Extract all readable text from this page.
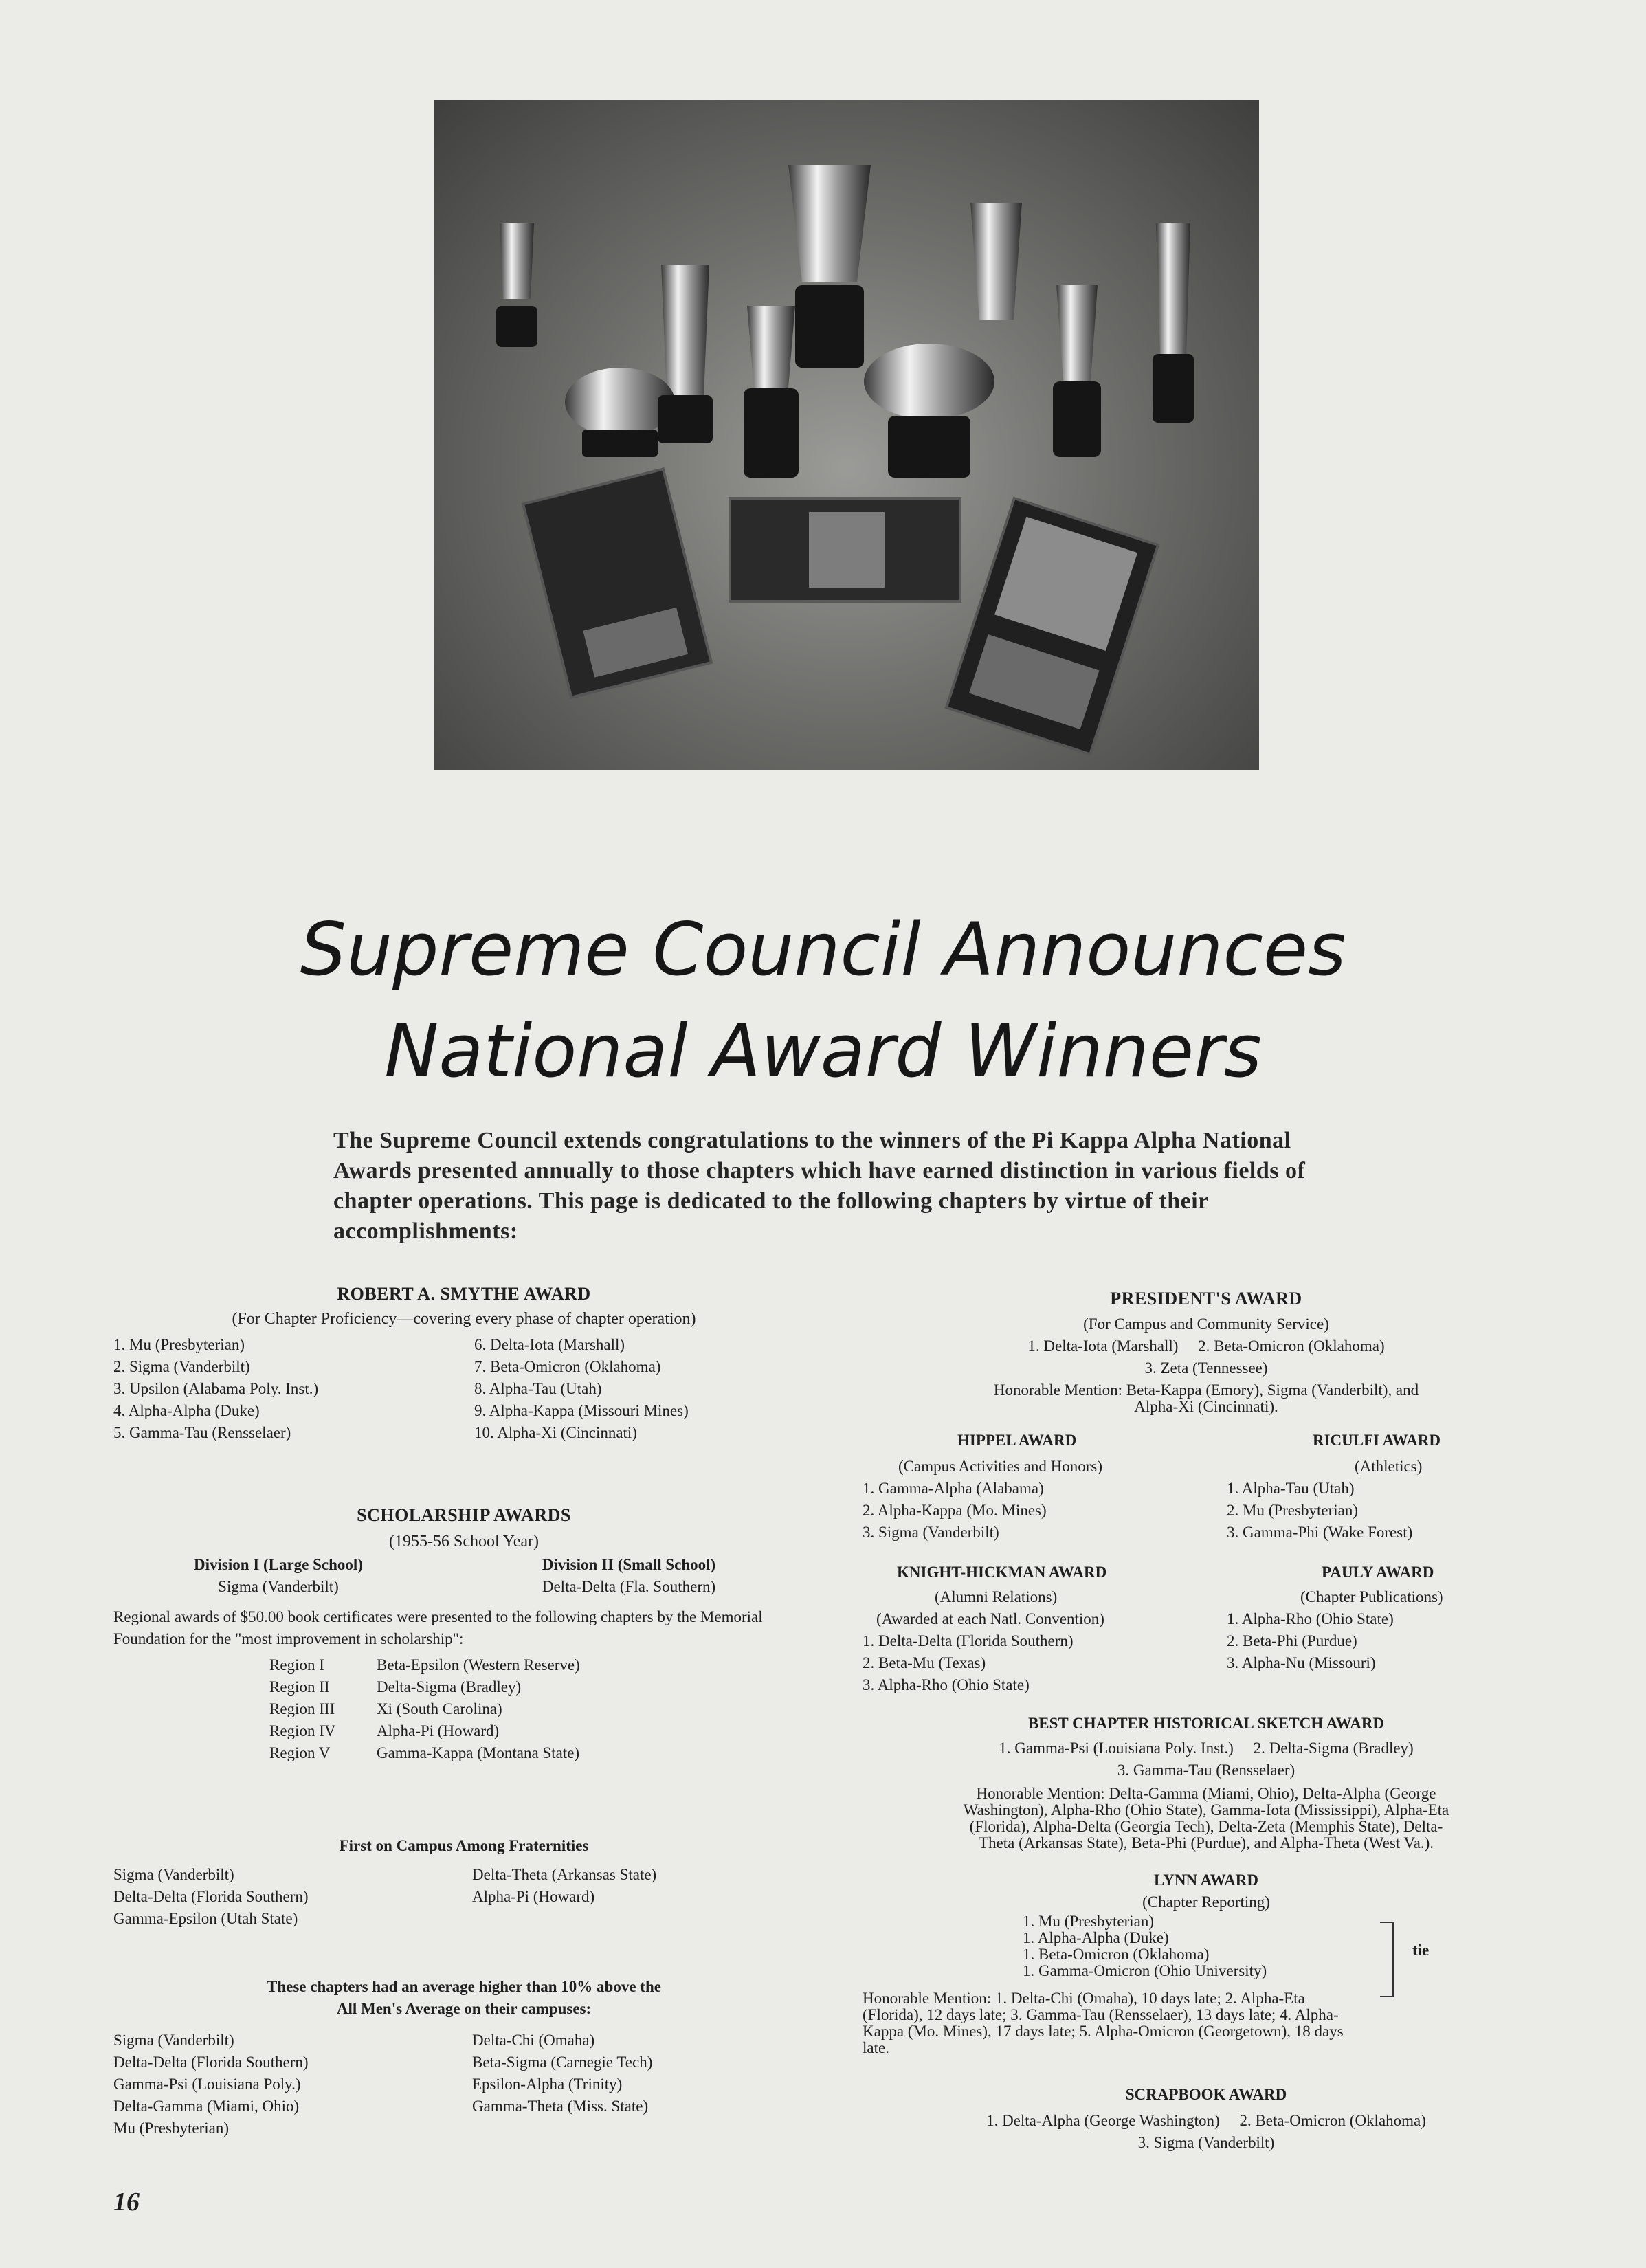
Supreme Council Announces
National Award Winners

The Supreme Council extends congratulations to the winners of the Pi Kappa Alpha National Awards presented annually to those chapters which have earned distinction in various fields of chapter operations. This page is dedicated to the following chapters by virtue of their accomplishments:

ROBERT A. SMYTHE AWARD

(For Chapter Proficiency—covering every phase of chapter operation)

1. Mu (Presbyterian)

2. Sigma (Vanderbilt)

3. Upsilon (Alabama Poly. Inst.)

4. Alpha-Alpha (Duke)

5. Gamma-Tau (Rensselaer)

6. Delta-Iota (Marshall)

7. Beta-Omicron (Oklahoma)

8. Alpha-Tau (Utah)

9. Alpha-Kappa (Missouri Mines)

10. Alpha-Xi (Cincinnati)

SCHOLARSHIP AWARDS

(1955-56 School Year)

Division I (Large School)

Sigma (Vanderbilt)

Division II (Small School)

Delta-Delta (Fla. Southern)

Regional awards of $50.00 book certificates were presented to the following chapters by the Memorial Foundation for the "most improvement in scholarship":

Region I

Region II

Region III

Region IV

Region V

Beta-Epsilon (Western Reserve)

Delta-Sigma (Bradley)

Xi (South Carolina)

Alpha-Pi (Howard)

Gamma-Kappa (Montana State)

First on Campus Among Fraternities

Sigma (Vanderbilt)

Delta-Delta (Florida Southern)

Gamma-Epsilon (Utah State)

Delta-Theta (Arkansas State)

Alpha-Pi (Howard)

These chapters had an average higher than 10% above the

All Men's Average on their campuses:

Sigma (Vanderbilt)

Delta-Delta (Florida Southern)

Gamma-Psi (Louisiana Poly.)

Delta-Gamma (Miami, Ohio)

Mu (Presbyterian)

Delta-Chi (Omaha)

Beta-Sigma (Carnegie Tech)

Epsilon-Alpha (Trinity)

Gamma-Theta (Miss. State)

PRESIDENT'S AWARD

(For Campus and Community Service)

1. Delta-Iota (Marshall)     2. Beta-Omicron (Oklahoma)

3. Zeta (Tennessee)

Honorable Mention: Beta-Kappa (Emory), Sigma (Vanderbilt), and

Alpha-Xi (Cincinnati).

HIPPEL AWARD

(Campus Activities and Honors)

1. Gamma-Alpha (Alabama)

2. Alpha-Kappa (Mo. Mines)

3. Sigma (Vanderbilt)

RICULFI AWARD

(Athletics)

1. Alpha-Tau (Utah)

2. Mu (Presbyterian)

3. Gamma-Phi (Wake Forest)

KNIGHT-HICKMAN AWARD

(Alumni Relations)

(Awarded at each Natl. Convention)

1. Delta-Delta (Florida Southern)

2. Beta-Mu (Texas)

3. Alpha-Rho (Ohio State)

PAULY AWARD

(Chapter Publications)

1. Alpha-Rho (Ohio State)

2. Beta-Phi (Purdue)

3. Alpha-Nu (Missouri)

BEST CHAPTER HISTORICAL SKETCH AWARD

1. Gamma-Psi (Louisiana Poly. Inst.)     2. Delta-Sigma (Bradley)

3. Gamma-Tau (Rensselaer)

Honorable Mention: Delta-Gamma (Miami, Ohio), Delta-Alpha (George

Washington), Alpha-Rho (Ohio State), Gamma-Iota (Mississippi), Alpha-Eta

(Florida), Alpha-Delta (Georgia Tech), Delta-Zeta (Memphis State), Delta-

Theta (Arkansas State), Beta-Phi (Purdue), and Alpha-Theta (West Va.).

LYNN AWARD

(Chapter Reporting)

1. Mu (Presbyterian)

1. Alpha-Alpha (Duke)

1. Beta-Omicron (Oklahoma)

1. Gamma-Omicron (Ohio University)

tie

Honorable Mention: 1. Delta-Chi (Omaha), 10 days late; 2. Alpha-Eta

(Florida), 12 days late; 3. Gamma-Tau (Rensselaer), 13 days late; 4. Alpha-

Kappa (Mo. Mines), 17 days late; 5. Alpha-Omicron (Georgetown), 18 days

late.

SCRAPBOOK AWARD

1. Delta-Alpha (George Washington)     2. Beta-Omicron (Oklahoma)

3. Sigma (Vanderbilt)

16
